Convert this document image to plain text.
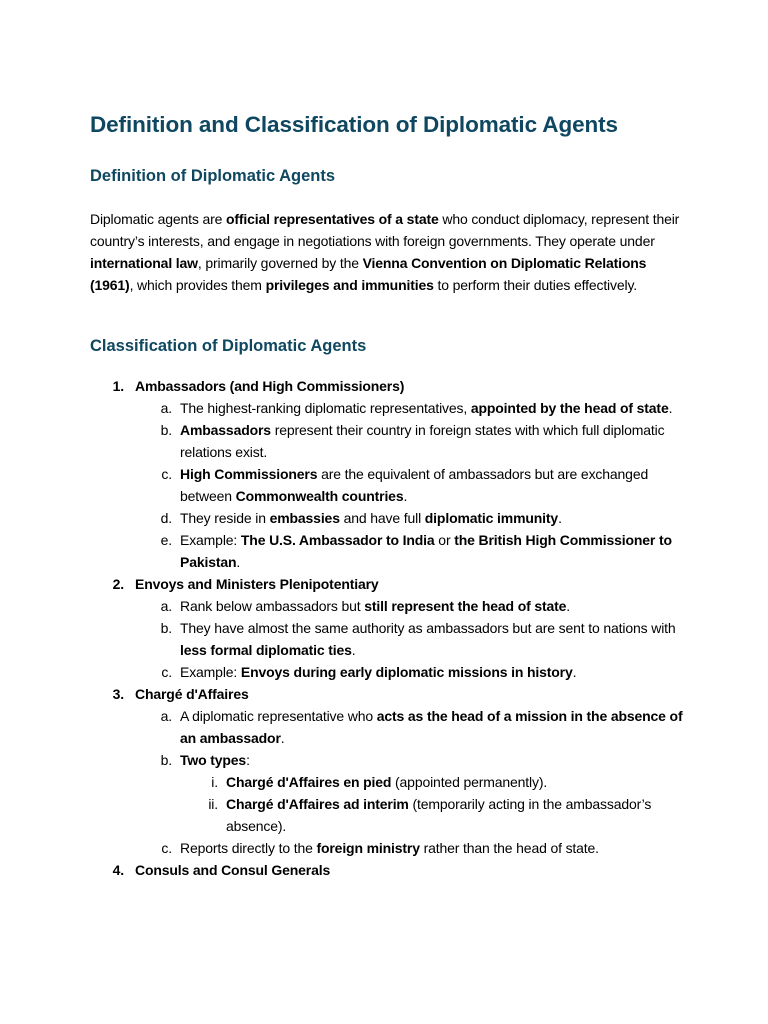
Definition and Classification of Diplomatic Agents
Definition of Diplomatic Agents

Diplomatic agents are official representatives of a state who conduct diplomacy, represent their country’s interests, and engage in negotiations with foreign governments. They operate under international law, primarily governed by the Vienna Convention on Diplomatic Relations (1961), which provides them privileges and immunities to perform their duties effectively.

Classification of Diplomatic Agents
1. Ambassadors (and High Commissioners)
a. The highest-ranking diplomatic representatives, appointed by the head of state.
b. Ambassadors represent their country in foreign states with which full diplomatic relations exist.
c. High Commissioners are the equivalent of ambassadors but are exchanged between Commonwealth countries.
d. They reside in embassies and have full diplomatic immunity.
e. Example: The U.S. Ambassador to India or the British High Commissioner to Pakistan.
2. Envoys and Ministers Plenipotentiary
a. Rank below ambassadors but still represent the head of state.
b. They have almost the same authority as ambassadors but are sent to nations with less formal diplomatic ties.
c. Example: Envoys during early diplomatic missions in history.
3. Chargé d'Affaires
a. A diplomatic representative who acts as the head of a mission in the absence of an ambassador.
b. Two types:
i. Chargé d'Affaires en pied (appointed permanently).
ii. Chargé d'Affaires ad interim (temporarily acting in the ambassador’s absence).
c. Reports directly to the foreign ministry rather than the head of state.
4. Consuls and Consul Generals
